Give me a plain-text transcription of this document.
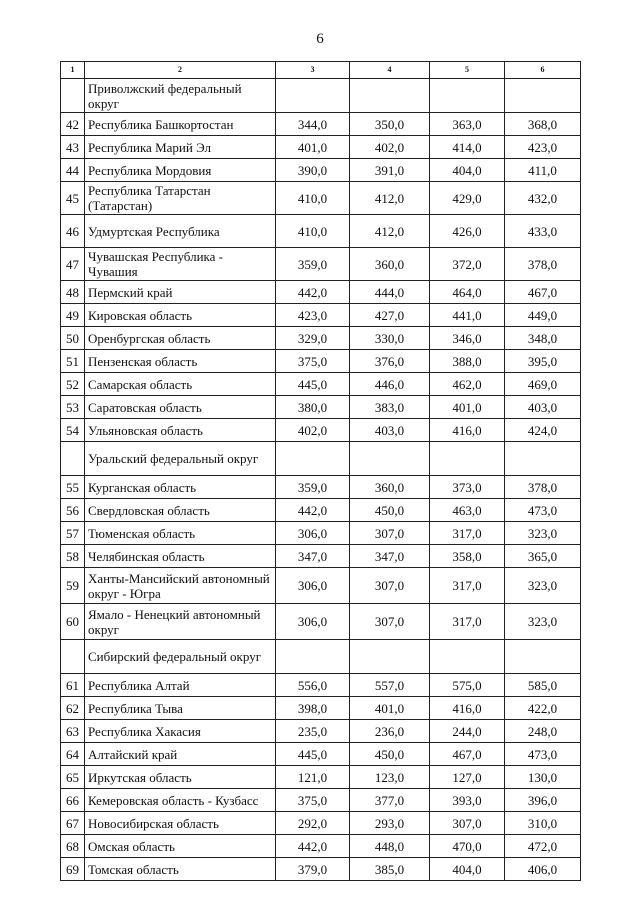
6
1	2	3	4	5	6
	Приволжский федеральный округ				
42	Республика Башкортостан	344,0	350,0	363,0	368,0
43	Республика Марий Эл	401,0	402,0	414,0	423,0
44	Республика Мордовия	390,0	391,0	404,0	411,0
45	Республика Татарстан (Татарстан)	410,0	412,0	429,0	432,0
46	Удмуртская Республика	410,0	412,0	426,0	433,0
47	Чувашская Республика - Чувашия	359,0	360,0	372,0	378,0
48	Пермский край	442,0	444,0	464,0	467,0
49	Кировская область	423,0	427,0	441,0	449,0
50	Оренбургская область	329,0	330,0	346,0	348,0
51	Пензенская область	375,0	376,0	388,0	395,0
52	Самарская область	445,0	446,0	462,0	469,0
53	Саратовская область	380,0	383,0	401,0	403,0
54	Ульяновская область	402,0	403,0	416,0	424,0
	Уральский федеральный округ				
55	Курганская область	359,0	360,0	373,0	378,0
56	Свердловская область	442,0	450,0	463,0	473,0
57	Тюменская область	306,0	307,0	317,0	323,0
58	Челябинская область	347,0	347,0	358,0	365,0
59	Ханты-Мансийский автономный округ - Югра	306,0	307,0	317,0	323,0
60	Ямало - Ненецкий автономный округ	306,0	307,0	317,0	323,0
	Сибирский федеральный округ				
61	Республика Алтай	556,0	557,0	575,0	585,0
62	Республика Тыва	398,0	401,0	416,0	422,0
63	Республика Хакасия	235,0	236,0	244,0	248,0
64	Алтайский край	445,0	450,0	467,0	473,0
65	Иркутская область	121,0	123,0	127,0	130,0
66	Кемеровская область - Кузбасс	375,0	377,0	393,0	396,0
67	Новосибирская область	292,0	293,0	307,0	310,0
68	Омская область	442,0	448,0	470,0	472,0
69	Томская область	379,0	385,0	404,0	406,0
